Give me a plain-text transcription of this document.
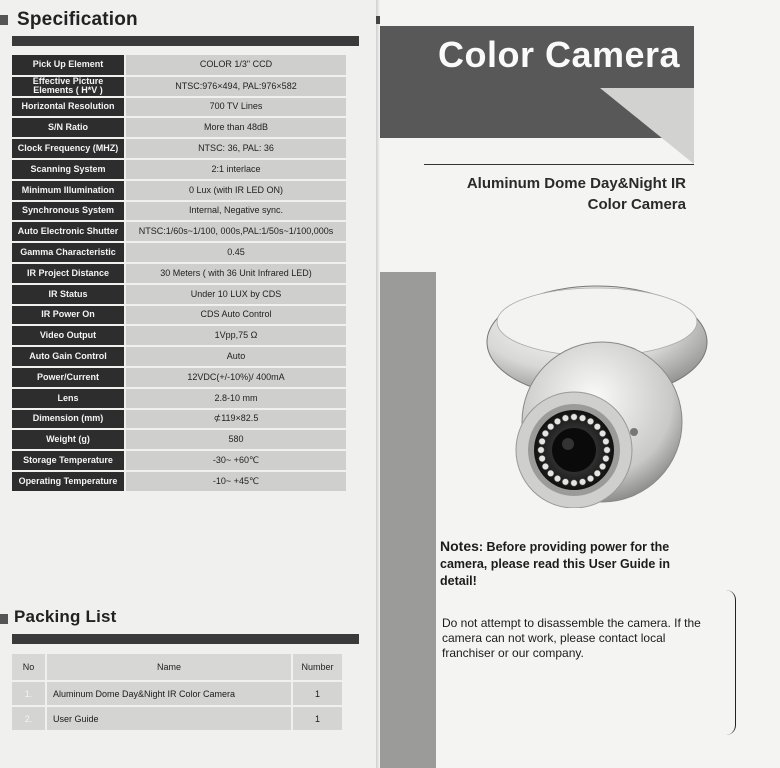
Specification
Pick Up Element	COLOR 1/3" CCD
Effective Picture Elements ( H*V )	NTSC:976×494, PAL:976×582
Horizontal Resolution	700 TV Lines
S/N Ratio	More than 48dB
Clock Frequency (MHZ)	NTSC: 36, PAL: 36
Scanning System	2:1 interlace
Minimum Illumination	0 Lux (with IR LED ON)
Synchronous System	Internal, Negative sync.
Auto Electronic Shutter	NTSC:1/60s~1/100, 000s,PAL:1/50s~1/100,000s
Gamma Characteristic	0.45
IR Project Distance	30 Meters ( with 36 Unit Infrared LED)
IR Status	Under 10 LUX by CDS
IR Power On	CDS Auto Control
Video Output	1Vpp,75 Ω
Auto Gain Control	Auto
Power/Current	12VDC(+/-10%)/ 400mA
Lens	2.8-10 mm
Dimension (mm)	⊄119×82.5
Weight (g)	580
Storage Temperature	-30~ +60℃
Operating Temperature	-10~ +45℃
Packing List
No	Name	Number
1.	Aluminum Dome Day&Night IR Color Camera	1
2.	User Guide	1
Color Camera
Aluminum Dome Day&Night IR
Color Camera
Notes: Before providing power for the camera, please read this User Guide in detail!
Do not attempt to disassemble the camera. If the camera can not work, please contact local franchiser or our company.
